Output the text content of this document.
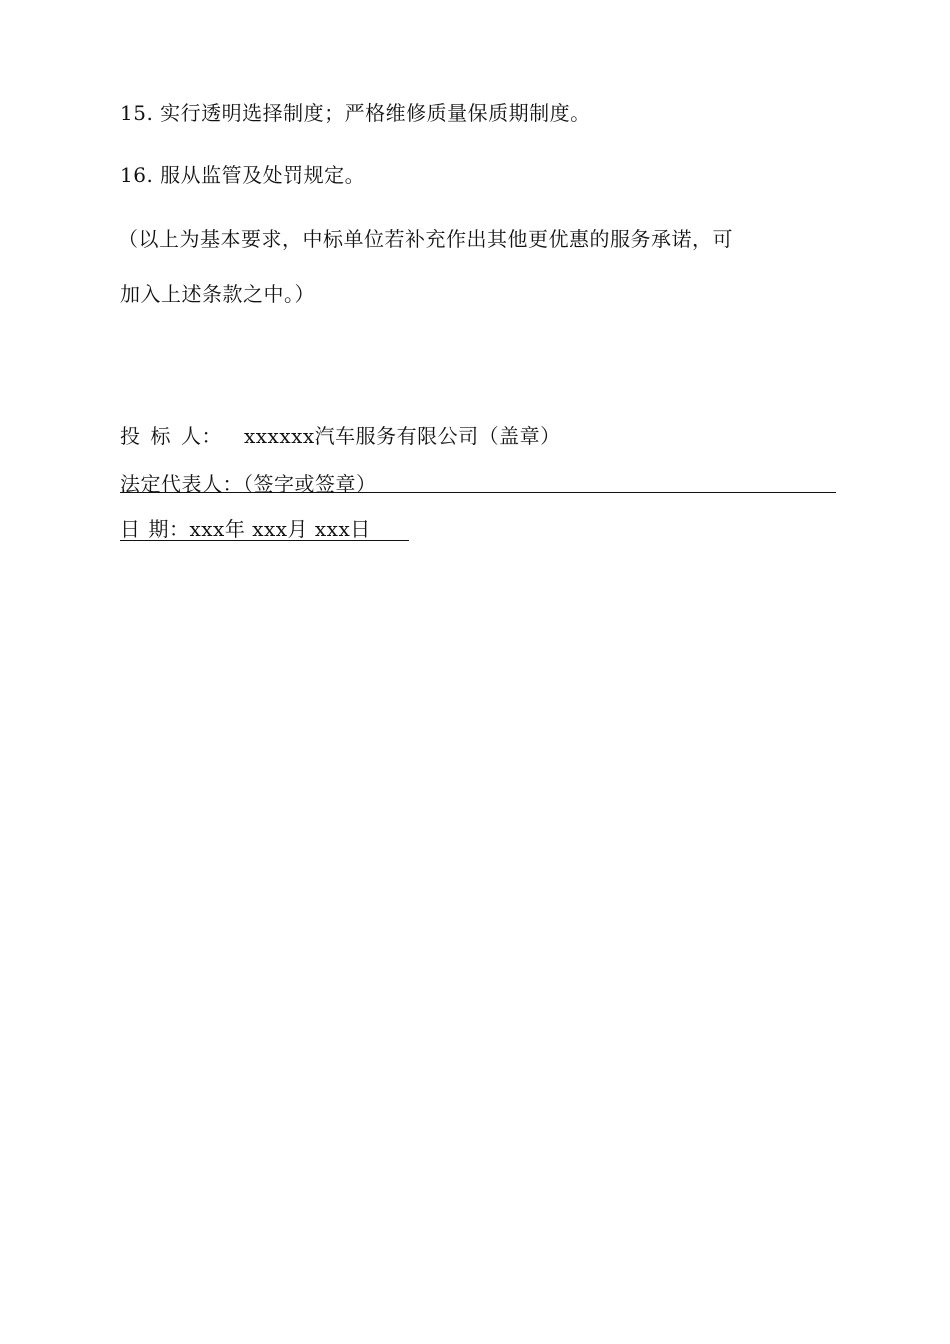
15. 实行透明选择制度；严格维修质量保质期制度。
16. 服从监管及处罚规定。
（以上为基本要求，中标单位若补充作出其他更优惠的服务承诺，可
加入上述条款之中。）
投 标 人： xxxxxx汽车服务有限公司（盖章）
法定代表人：（签字或签章）
日 期：xxx年 xxx月 xxx日
